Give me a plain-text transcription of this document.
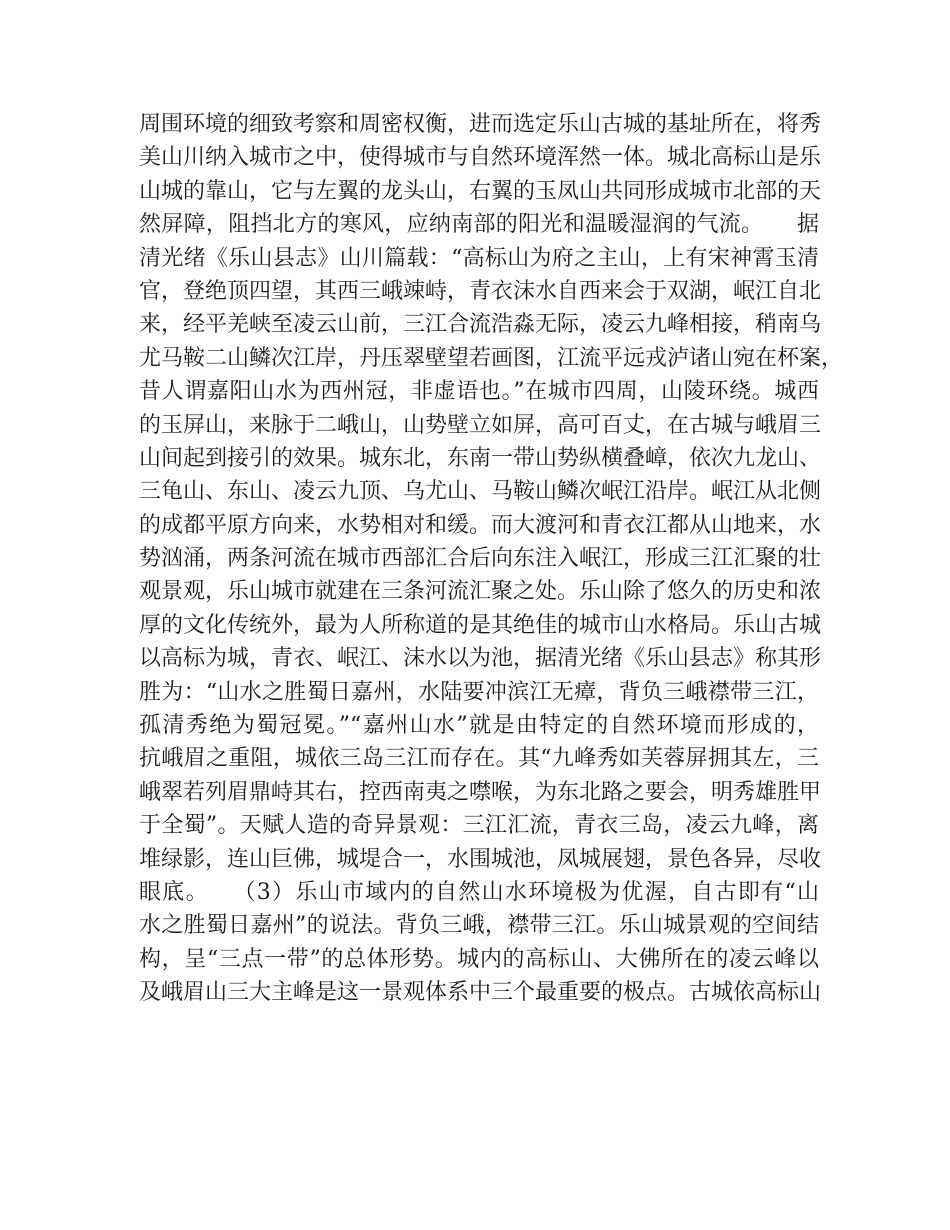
周围环境的细致考察和周密权衡，进而选定乐山古城的基址所在，将秀
美山川纳入城市之中，使得城市与自然环境浑然一体。城北高标山是乐
山城的靠山，它与左翼的龙头山，右翼的玉凤山共同形成城市北部的天
然屏障，阻挡北方的寒风，应纳南部的阳光和温暖湿润的气流。　　据
清光绪《乐山县志》山川篇载：“高标山为府之主山，上有宋神霄玉清
官，登绝顶四望，其西三峨竦峙，青衣沫水自西来会于双湖，岷江自北
来，经平羌峡至凌云山前，三江合流浩淼无际，凌云九峰相接，稍南乌
尤马鞍二山鳞次江岸，丹压翠壁望若画图，江流平远戎泸诸山宛在杯案，
昔人谓嘉阳山水为西州冠，非虚语也。”在城市四周，山陵环绕。城西
的玉屏山，来脉于二峨山，山势壁立如屏，高可百丈，在古城与峨眉三
山间起到接引的效果。城东北，东南一带山势纵横叠嶂，依次九龙山、
三龟山、东山、凌云九顶、乌尤山、马鞍山鳞次岷江沿岸。岷江从北侧
的成都平原方向来，水势相对和缓。而大渡河和青衣江都从山地来，水
势汹涌，两条河流在城市西部汇合后向东注入岷江，形成三江汇聚的壮
观景观，乐山城市就建在三条河流汇聚之处。乐山除了悠久的历史和浓
厚的文化传统外，最为人所称道的是其绝佳的城市山水格局。乐山古城
以高标为城，青衣、岷江、沫水以为池，据清光绪《乐山县志》称其形
胜为：“山水之胜蜀日嘉州，水陆要冲滨江无瘴，背负三峨襟带三江，
孤清秀绝为蜀冠冕。”“嘉州山水”就是由特定的自然环境而形成的，
抗峨眉之重阻，城依三岛三江而存在。其“九峰秀如芙蓉屏拥其左，三
峨翠若列眉鼎峙其右，控西南夷之噤喉，为东北路之要会，明秀雄胜甲
于全蜀”。天赋人造的奇异景观：三江汇流，青衣三岛，凌云九峰，离
堆绿影，连山巨佛，城堤合一，水围城池，凤城展翅，景色各异，尽收
眼底。　　（3）乐山市域内的自然山水环境极为优渥，自古即有“山
水之胜蜀日嘉州”的说法。背负三峨，襟带三江。乐山城景观的空间结
构，呈“三点一带”的总体形势。城内的高标山、大佛所在的凌云峰以
及峨眉山三大主峰是这一景观体系中三个最重要的极点。古城依高标山
